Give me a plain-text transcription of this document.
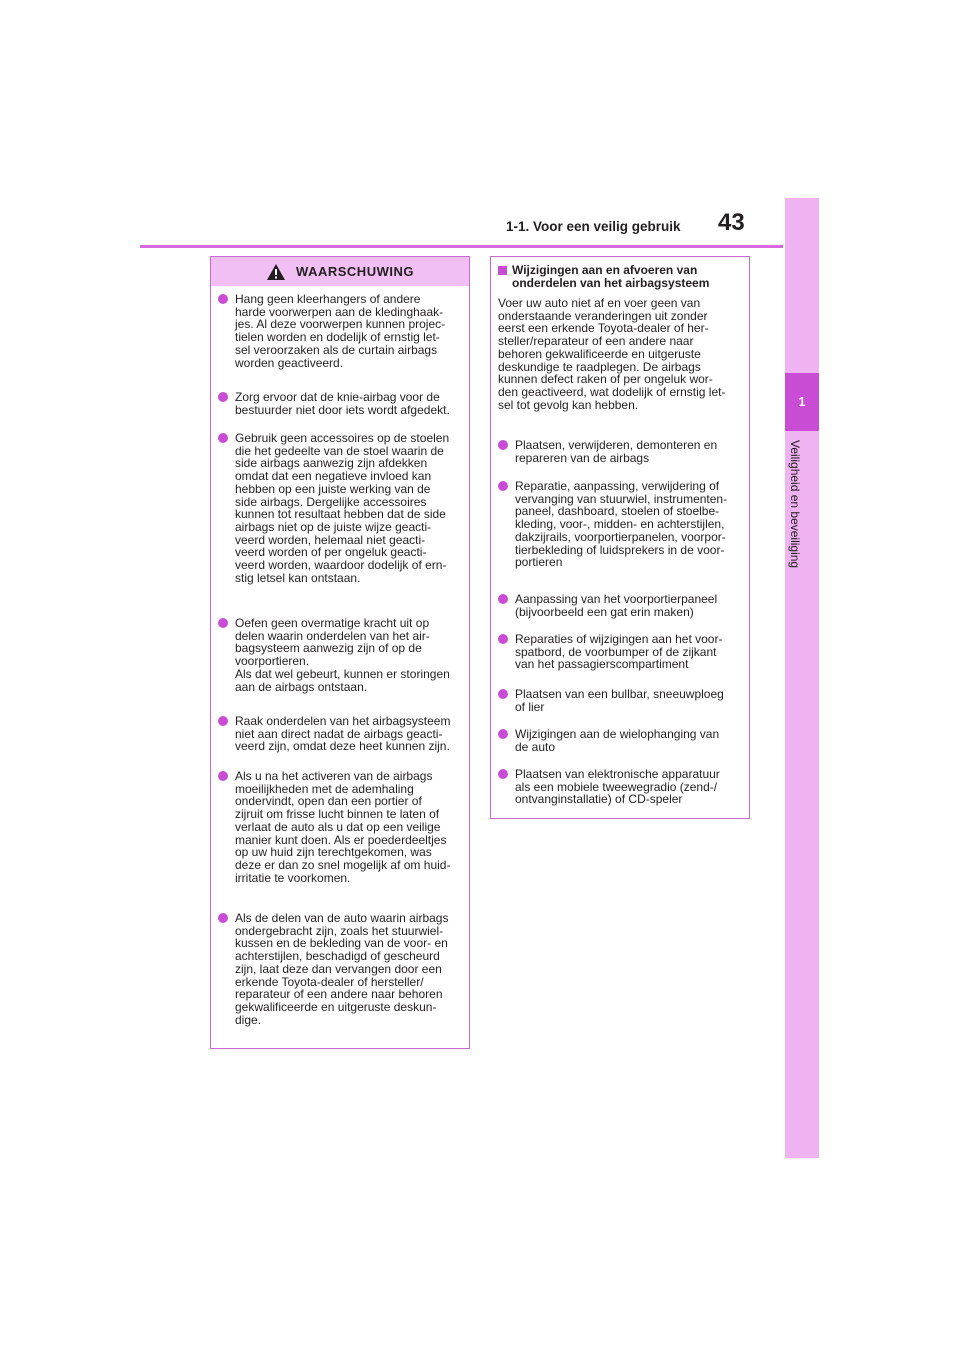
1-1. Voor een veilig gebruik 43
1
Veiligheid en beveiliging
WAARSCHUWING
Hang geen kleerhangers of andere
harde voorwerpen aan de kledinghaak-
jes. Al deze voorwerpen kunnen projec-
tielen worden en dodelijk of ernstig let-
sel veroorzaken als de curtain airbags
worden geactiveerd.
Zorg ervoor dat de knie-airbag voor de
bestuurder niet door iets wordt afgedekt.
Gebruik geen accessoires op de stoelen
die het gedeelte van de stoel waarin de
side airbags aanwezig zijn afdekken
omdat dat een negatieve invloed kan
hebben op een juiste werking van de
side airbags. Dergelijke accessoires
kunnen tot resultaat hebben dat de side
airbags niet op de juiste wijze geacti-
veerd worden, helemaal niet geacti-
veerd worden of per ongeluk geacti-
veerd worden, waardoor dodelijk of ern-
stig letsel kan ontstaan.
Oefen geen overmatige kracht uit op
delen waarin onderdelen van het air-
bagsysteem aanwezig zijn of op de
voorportieren.
Als dat wel gebeurt, kunnen er storingen
aan de airbags ontstaan.
Raak onderdelen van het airbagsysteem
niet aan direct nadat de airbags geacti-
veerd zijn, omdat deze heet kunnen zijn.
Als u na het activeren van de airbags
moeilijkheden met de ademhaling
ondervindt, open dan een portier of
zijruit om frisse lucht binnen te laten of
verlaat de auto als u dat op een veilige
manier kunt doen. Als er poederdeeltjes
op uw huid zijn terechtgekomen, was
deze er dan zo snel mogelijk af om huid-
irritatie te voorkomen.
Als de delen van de auto waarin airbags
ondergebracht zijn, zoals het stuurwiel-
kussen en de bekleding van de voor- en
achterstijlen, beschadigd of gescheurd
zijn, laat deze dan vervangen door een
erkende Toyota-dealer of hersteller/
reparateur of een andere naar behoren
gekwalificeerde en uitgeruste deskun-
dige.
Wijzigingen aan en afvoeren van
onderdelen van het airbagsysteem
Voer uw auto niet af en voer geen van
onderstaande veranderingen uit zonder
eerst een erkende Toyota-dealer of her-
steller/reparateur of een andere naar
behoren gekwalificeerde en uitgeruste
deskundige te raadplegen. De airbags
kunnen defect raken of per ongeluk wor-
den geactiveerd, wat dodelijk of ernstig let-
sel tot gevolg kan hebben.
Plaatsen, verwijderen, demonteren en
repareren van de airbags
Reparatie, aanpassing, verwijdering of
vervanging van stuurwiel, instrumenten-
paneel, dashboard, stoelen of stoelbe-
kleding, voor-, midden- en achterstijlen,
dakzijrails, voorportierpanelen, voorpor-
tierbekleding of luidsprekers in de voor-
portieren
Aanpassing van het voorportierpaneel
(bijvoorbeeld een gat erin maken)
Reparaties of wijzigingen aan het voor-
spatbord, de voorbumper of de zijkant
van het passagierscompartiment
Plaatsen van een bullbar, sneeuwploeg
of lier
Wijzigingen aan de wielophanging van
de auto
Plaatsen van elektronische apparatuur
als een mobiele tweewegradio (zend-/
ontvanginstallatie) of CD-speler
